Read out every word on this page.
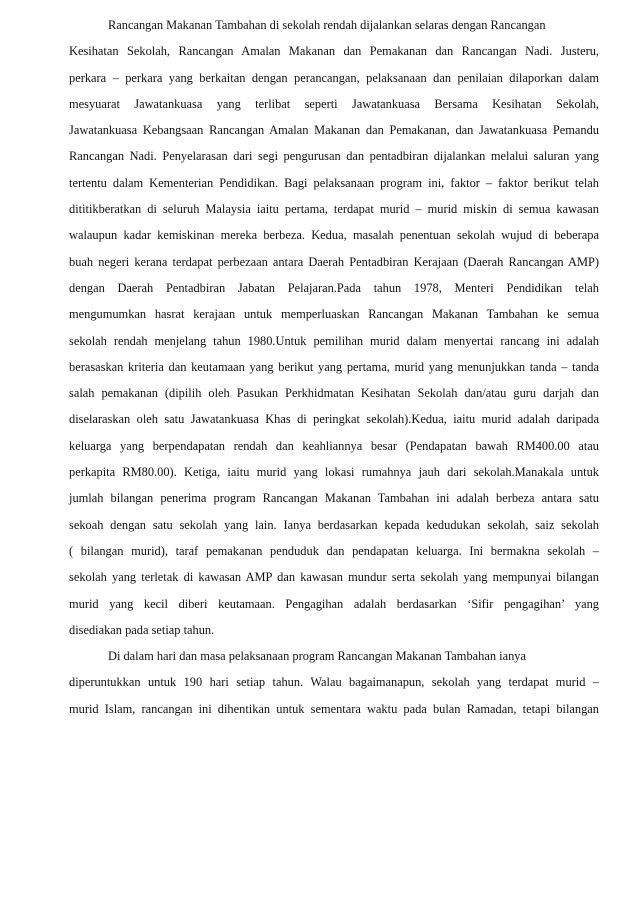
Rancangan Makanan Tambahan di sekolah rendah dijalankan selaras dengan Rancangan
Kesihatan Sekolah, Rancangan Amalan Makanan dan Pemakanan dan Rancangan Nadi. Justeru,
perkara – perkara yang berkaitan dengan perancangan, pelaksanaan dan penilaian dilaporkan dalam
mesyuarat Jawatankuasa yang terlibat seperti Jawatankuasa Bersama Kesihatan Sekolah,
Jawatankuasa Kebangsaan Rancangan Amalan Makanan dan Pemakanan, dan Jawatankuasa Pemandu
Rancangan Nadi. Penyelarasan dari segi pengurusan dan pentadbiran dijalankan melalui saluran yang
tertentu dalam Kementerian Pendidikan. Bagi pelaksanaan program ini, faktor – faktor berikut telah
dititikberatkan di seluruh Malaysia iaitu pertama, terdapat murid – murid miskin di semua kawasan
walaupun kadar kemiskinan mereka berbeza. Kedua, masalah penentuan sekolah wujud di beberapa
buah negeri kerana terdapat perbezaan antara Daerah Pentadbiran Kerajaan (Daerah Rancangan AMP)
dengan Daerah Pentadbiran Jabatan Pelajaran.Pada tahun 1978, Menteri Pendidikan telah
mengumumkan hasrat kerajaan untuk memperluaskan Rancangan Makanan Tambahan ke semua
sekolah rendah menjelang tahun 1980.Untuk pemilihan murid dalam menyertai rancang ini adalah
berasaskan kriteria dan keutamaan yang berikut yang pertama, murid yang menunjukkan tanda – tanda
salah pemakanan (dipilih oleh Pasukan Perkhidmatan Kesihatan Sekolah dan/atau guru darjah dan
diselaraskan oleh satu Jawatankuasa Khas di peringkat sekolah).Kedua, iaitu murid adalah daripada
keluarga yang berpendapatan rendah dan keahliannya besar (Pendapatan bawah RM400.00 atau
perkapita RM80.00). Ketiga, iaitu murid yang lokasi rumahnya jauh dari sekolah.Manakala untuk
jumlah bilangan penerima program Rancangan Makanan Tambahan ini adalah berbeza antara satu
sekoah dengan satu sekolah yang lain. Ianya berdasarkan kepada kedudukan sekolah, saiz sekolah
( bilangan murid), taraf pemakanan penduduk dan pendapatan keluarga. Ini bermakna sekolah –
sekolah yang terletak di kawasan AMP dan kawasan mundur serta sekolah yang mempunyai bilangan
murid yang kecil diberi keutamaan. Pengagihan adalah berdasarkan ‘Sifir pengagihan’ yang
disediakan pada setiap tahun.
Di dalam hari dan masa pelaksanaan program Rancangan Makanan Tambahan ianya
diperuntukkan untuk 190 hari setiap tahun. Walau bagaimanapun, sekolah yang terdapat murid –
murid Islam, rancangan ini dihentikan untuk sementara waktu pada bulan Ramadan, tetapi bilangan
